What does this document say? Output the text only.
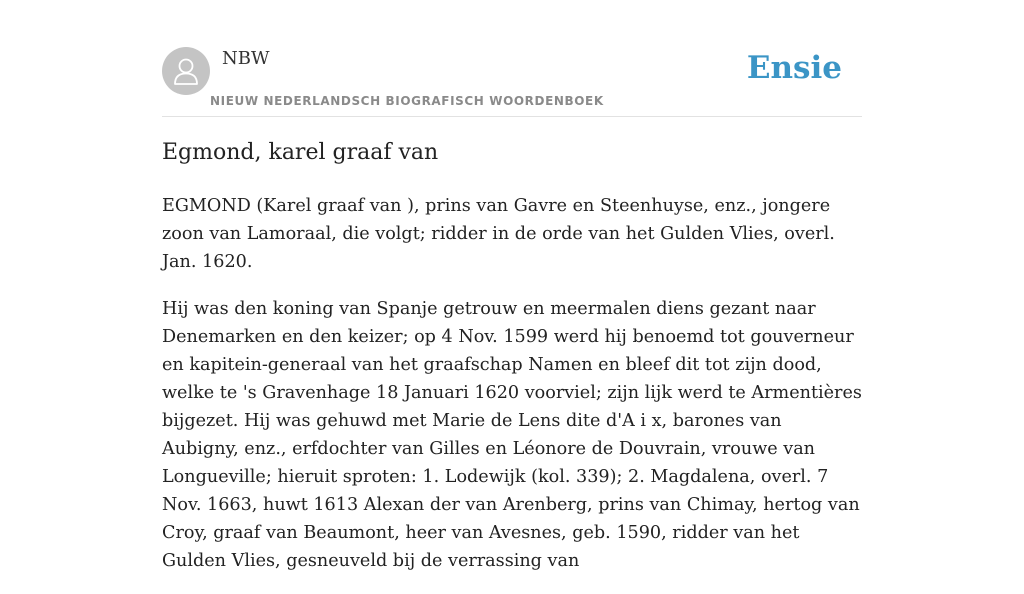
NBW
NIEUW NEDERLANDSCH BIOGRAFISCH WOORDENBOEK
Ensie
Egmond, karel graaf van

EGMOND (Karel graaf van ), prins van Gavre en Steenhuyse, enz., jongere zoon van Lamoraal, die volgt; ridder in de orde van het Gulden Vlies, overl. Jan. 1620.

Hij was den koning van Spanje getrouw en meermalen diens gezant naar Denemarken en den keizer; op 4 Nov. 1599 werd hij benoemd tot gouverneur en kapitein-generaal van het graafschap Namen en bleef dit tot zijn dood, welke te 's Gravenhage 18 Januari 1620 voorviel; zijn lijk werd te Armentières bijgezet. Hij was gehuwd met Marie de Lens dite d'A i x, barones van Aubigny, enz., erfdochter van Gilles en Léonore de Douvrain, vrouwe van Longueville; hieruit sproten: 1. Lodewijk (kol. 339); 2. Magdalena, overl. 7 Nov. 1663, huwt 1613 Alexan der van Arenberg, prins van Chimay, hertog van Croy, graaf van Beaumont, heer van Avesnes, geb. 1590, ridder van het Gulden Vlies, gesneuveld bij de verrassing van
